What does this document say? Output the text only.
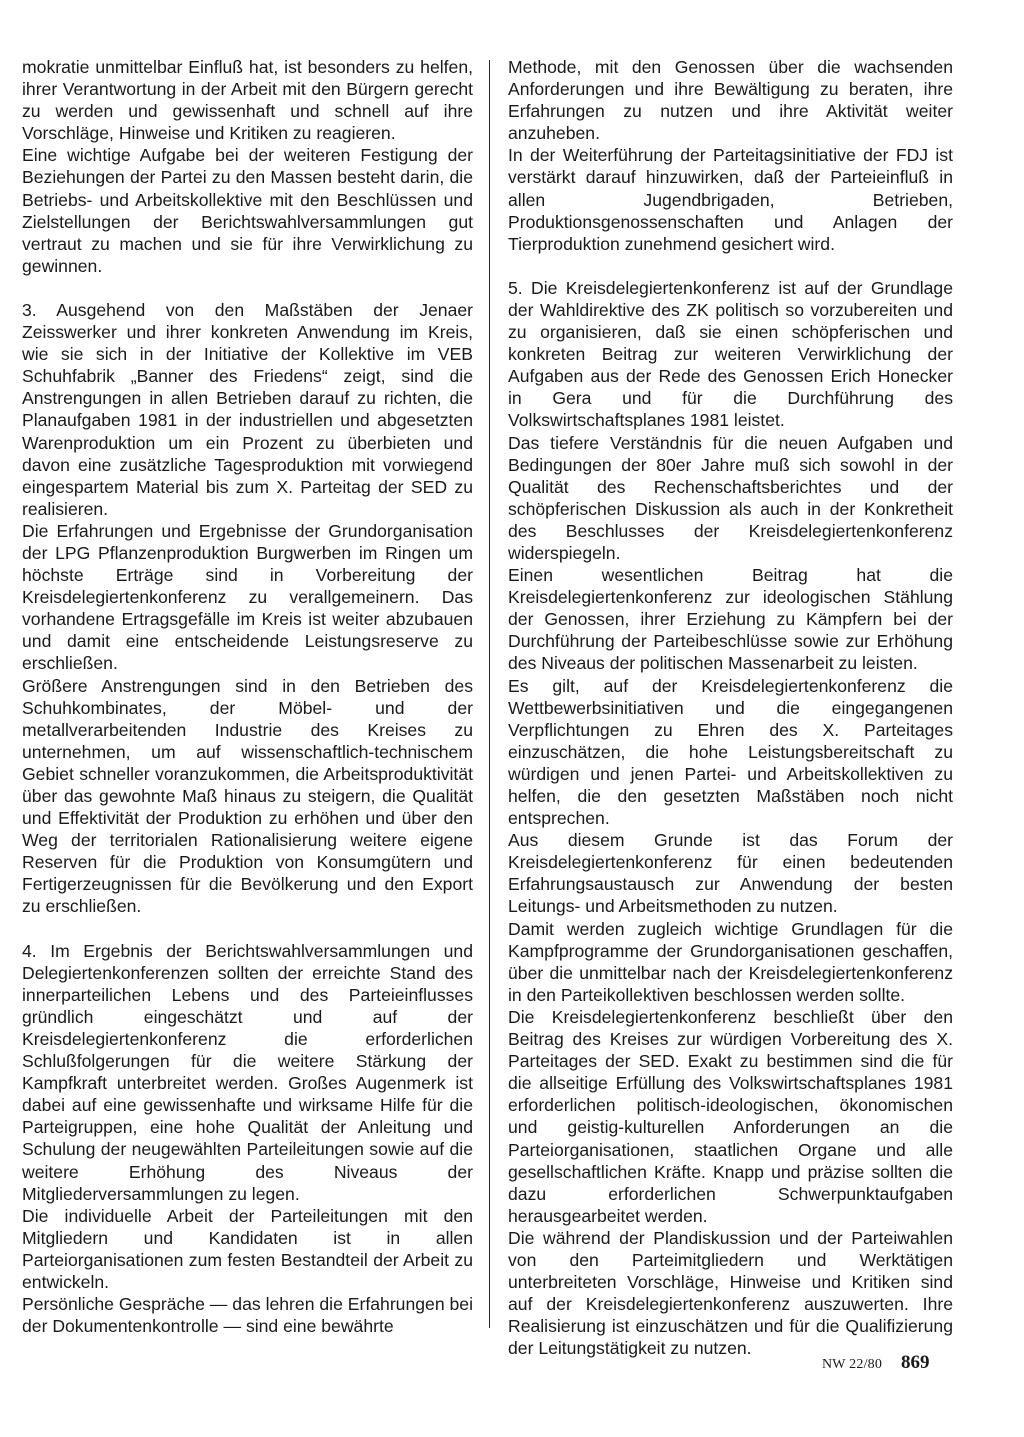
mokratie unmittelbar Einfluß hat, ist besonders zu helfen, ihrer Verantwortung in der Arbeit mit den Bürgern gerecht zu werden und gewissenhaft und schnell auf ihre Vorschläge, Hinweise und Kritiken zu reagieren.

Eine wichtige Aufgabe bei der weiteren Festigung der Beziehungen der Partei zu den Massen besteht darin, die Betriebs- und Arbeitskollektive mit den Beschlüssen und Zielstellungen der Berichtswahlversammlungen gut vertraut zu machen und sie für ihre Verwirklichung zu gewinnen.

3. Ausgehend von den Maßstäben der Jenaer Zeisswerker und ihrer konkreten Anwendung im Kreis, wie sie sich in der Initiative der Kollektive im VEB Schuhfabrik „Banner des Friedens“ zeigt, sind die Anstrengungen in allen Betrieben darauf zu richten, die Planaufgaben 1981 in der industriellen und abgesetzten Warenproduktion um ein Prozent zu überbieten und davon eine zusätzliche Tagesproduktion mit vorwiegend eingespartem Material bis zum X. Parteitag der SED zu realisieren.

Die Erfahrungen und Ergebnisse der Grundorganisation der LPG Pflanzenproduktion Burgwerben im Ringen um höchste Erträge sind in Vorbereitung der Kreisdelegiertenkonferenz zu verallgemeinern. Das vorhandene Ertragsgefälle im Kreis ist weiter abzubauen und damit eine entscheidende Leistungsreserve zu erschließen.

Größere Anstrengungen sind in den Betrieben des Schuhkombinates, der Möbel- und der metallverarbeitenden Industrie des Kreises zu unternehmen, um auf wissenschaftlich-technischem Gebiet schneller voranzukommen, die Arbeitsproduktivität über das gewohnte Maß hinaus zu steigern, die Qualität und Effektivität der Produktion zu erhöhen und über den Weg der territorialen Rationalisierung weitere eigene Reserven für die Produktion von Konsumgütern und Fertigerzeugnissen für die Bevölkerung und den Export zu erschließen.

4. Im Ergebnis der Berichtswahlversammlungen und Delegiertenkonferenzen sollten der erreichte Stand des innerparteilichen Lebens und des Parteieinflusses gründlich eingeschätzt und auf der Kreisdelegiertenkonferenz die erforderlichen Schlußfolgerungen für die weitere Stärkung der Kampfkraft unterbreitet werden. Großes Augenmerk ist dabei auf eine gewissenhafte und wirksame Hilfe für die Parteigruppen, eine hohe Qualität der Anleitung und Schulung der neugewählten Parteileitungen sowie auf die weitere Erhöhung des Niveaus der Mitgliederversammlungen zu legen.

Die individuelle Arbeit der Parteileitungen mit den Mitgliedern und Kandidaten ist in allen Parteiorganisationen zum festen Bestandteil der Arbeit zu entwickeln.

Persönliche Gespräche — das lehren die Erfahrungen bei der Dokumentenkontrolle — sind eine bewährte

Methode, mit den Genossen über die wachsenden Anforderungen und ihre Bewältigung zu beraten, ihre Erfahrungen zu nutzen und ihre Aktivität weiter anzuheben.

In der Weiterführung der Parteitagsinitiative der FDJ ist verstärkt darauf hinzuwirken, daß der Parteieinfluß in allen Jugendbrigaden, Betrieben, Produktionsgenossenschaften und Anlagen der Tierproduktion zunehmend gesichert wird.

5. Die Kreisdelegiertenkonferenz ist auf der Grundlage der Wahldirektive des ZK politisch so vorzubereiten und zu organisieren, daß sie einen schöpferischen und konkreten Beitrag zur weiteren Verwirklichung der Aufgaben aus der Rede des Genossen Erich Honecker in Gera und für die Durchführung des Volkswirtschaftsplanes 1981 leistet.

Das tiefere Verständnis für die neuen Aufgaben und Bedingungen der 80er Jahre muß sich sowohl in der Qualität des Rechenschaftsberichtes und der schöpferischen Diskussion als auch in der Konkretheit des Beschlusses der Kreisdelegiertenkonferenz widerspiegeln.

Einen wesentlichen Beitrag hat die Kreisdelegiertenkonferenz zur ideologischen Stählung der Genossen, ihrer Erziehung zu Kämpfern bei der Durchführung der Parteibeschlüsse sowie zur Erhöhung des Niveaus der politischen Massenarbeit zu leisten.

Es gilt, auf der Kreisdelegiertenkonferenz die Wettbewerbsinitiativen und die eingegangenen Verpflichtungen zu Ehren des X. Parteitages einzuschätzen, die hohe Leistungsbereitschaft zu würdigen und jenen Partei- und Arbeitskollektiven zu helfen, die den gesetzten Maßstäben noch nicht entsprechen.

Aus diesem Grunde ist das Forum der Kreisdelegiertenkonferenz für einen bedeutenden Erfahrungsaustausch zur Anwendung der besten Leitungs- und Arbeitsmethoden zu nutzen.

Damit werden zugleich wichtige Grundlagen für die Kampfprogramme der Grundorganisationen geschaffen, über die unmittelbar nach der Kreisdelegiertenkonferenz in den Parteikollektiven beschlossen werden sollte.

Die Kreisdelegiertenkonferenz beschließt über den Beitrag des Kreises zur würdigen Vorbereitung des X. Parteitages der SED. Exakt zu bestimmen sind die für die allseitige Erfüllung des Volkswirtschaftsplanes 1981 erforderlichen politisch-ideologischen, ökonomischen und geistig-kulturellen Anforderungen an die Parteiorganisationen, staatlichen Organe und alle gesellschaftlichen Kräfte. Knapp und präzise sollten die dazu erforderlichen Schwerpunktaufgaben herausgearbeitet werden.

Die während der Plandiskussion und der Parteiwahlen von den Parteimitgliedern und Werktätigen unterbreiteten Vorschläge, Hinweise und Kritiken sind auf der Kreisdelegiertenkonferenz auszuwerten. Ihre Realisierung ist einzuschätzen und für die Qualifizierung der Leitungstätigkeit zu nutzen.

NW 22/80 869
